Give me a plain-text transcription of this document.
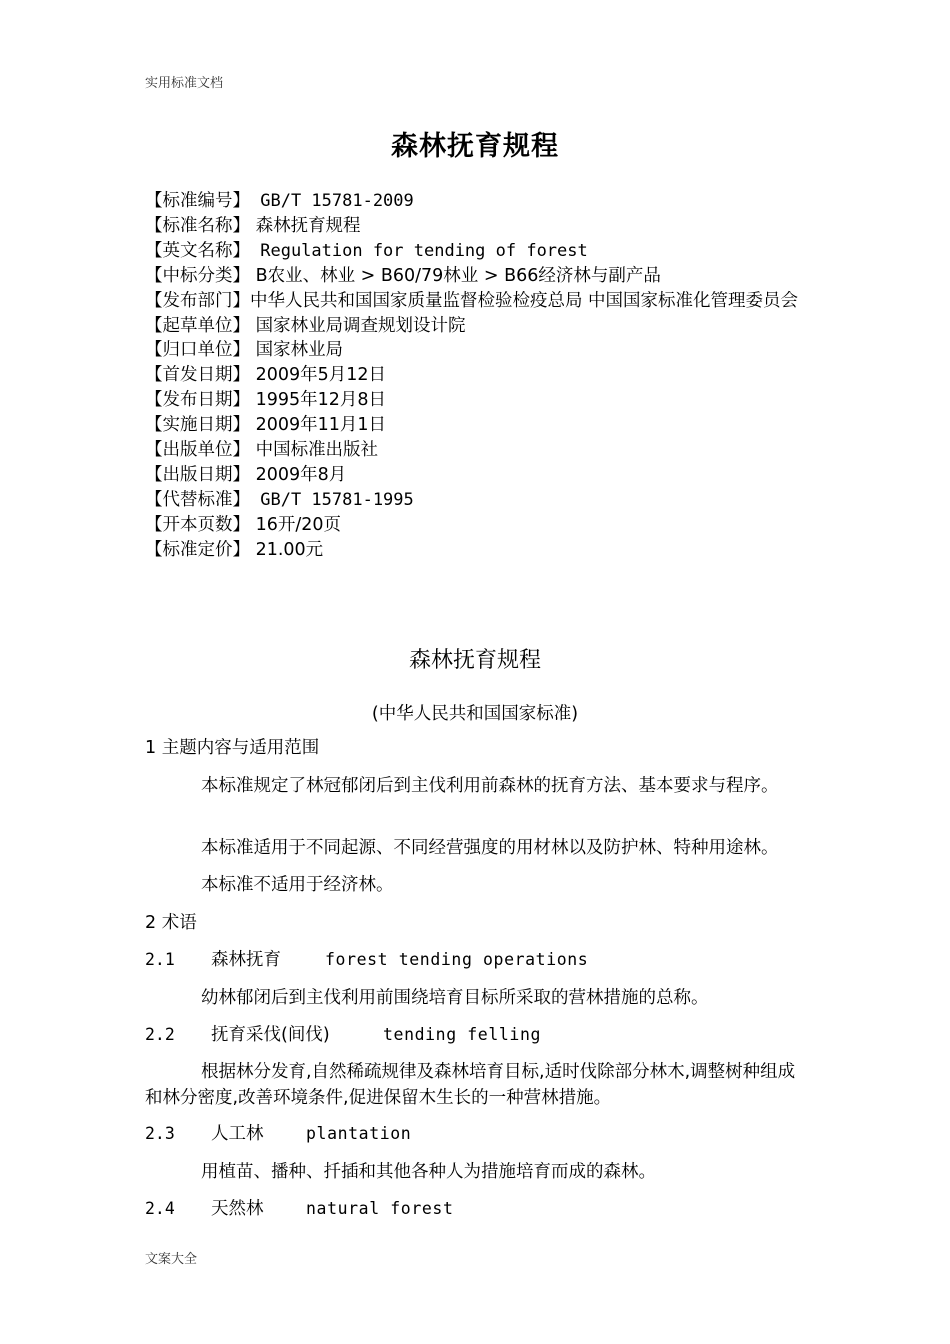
实用标准文档
森林抚育规程
【标准编号】 GB/T 15781-2009
【标准名称】 森林抚育规程
【英文名称】 Regulation for tending of forest
【中标分类】 B农业、林业 > B60/79林业 > B66经济林与副产品
【发布部门】中华人民共和国国家质量监督检验检疫总局 中国国家标准化管理委员会
【起草单位】 国家林业局调查规划设计院
【归口单位】 国家林业局
【首发日期】 2009年5月12日
【发布日期】 1995年12月8日
【实施日期】 2009年11月1日
【出版单位】 中国标准出版社
【出版日期】 2009年8月
【代替标准】 GB/T 15781-1995
【开本页数】 16开/20页
【标准定价】 21.00元
森林抚育规程
(中华人民共和国国家标准)
1 主题内容与适用范围
本标准规定了林冠郁闭后到主伐利用前森林的抚育方法、基本要求与程序。
本标准适用于不同起源、不同经营强度的用材林以及防护林、特种用途林。
本标准不适用于经济林。
2 术语
2.1 森林抚育	forest tending operations
幼林郁闭后到主伐利用前围绕培育目标所采取的营林措施的总称。
2.2 抚育采伐(间伐)	tending felling
根据林分发育,自然稀疏规律及森林培育目标,适时伐除部分林木,调整树种组成和林分密度,改善环境条件,促进保留木生长的一种营林措施。
2.3 人工林	plantation
用植苗、播种、扦插和其他各种人为措施培育而成的森林。
2.4 天然林	natural forest
文案大全
